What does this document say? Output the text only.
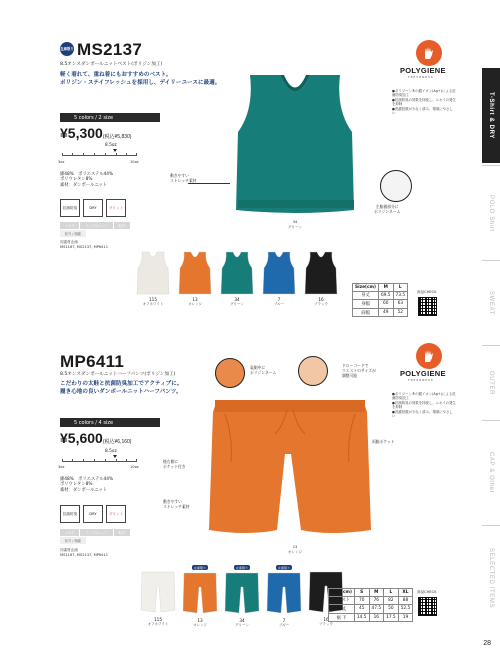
T-Shirt & DRY
POLO Shirt
SWEAT
OUTER
CAP & Other
SELECTED ITEMS
28
在庫限り MS2137
8.5オンスダンボールニットベスト(ポリジン加工)
軽く着れて、重ね着にもおすすめのベスト。
ポリジン・ステイフレッシュを採用し、デイリーユースに最適。
5 colors / 2 size
¥5,300(税込¥5,830)
8.5oz
3oz	10oz
綿48%　ポリエステル44%
ポリウレタン8%
素材：ダンボールニット
抗菌防臭	DRY	プリント
シルク	インクジェット	転写
転写 / 刺繍
同素材企画
MS1167, MS2137, MP6411
34
グリーン
動きやすい
ストレッチ素材
左脇裾部分に
ポリジンネーム
POLYGIENE
FRESHNESS
●ポリジーン®の銀イオン(Ag+)による抗菌防臭加工
●抗菌防臭の効果を持続し、ニオイの発生を抑制
●洗濯回数が少なく済み、環境にやさしい
115
オフホワイト
13
オレンジ
34
グリーン
7
ブルー
16
ブラック
Size(cm)	M	L
身丈	69.5	73.5
身幅	60	63
肩幅	49	52
商品CHECK
MP6411
8.5オンスダンボールニットハーフパンツ(ポリジン加工)
こだわりの太畦と抗菌防臭加工でアクティブに。
履き心地の良いダンボールニットハーフパンツ。
5 colors / 4 size
¥5,600(税込¥6,160)
8.5oz
3oz	10oz
綿48%　ポリエステル44%
ポリウレタン8%
素材：ダンボールニット
抗菌防臭	DRY	プリント
シルク	インクジェット	転写
転写 / 刺繍
同素材企画
MS1167, MS2137, MP6411
13
オレンジ
裏側中に
ポリジンネーム
ドローコードで
ウエストのサイズが
調整可能
両脇ポケット
後右側に
ポケット付き
動きやすい
ストレッチ素材
POLYGIENE
FRESHNESS
●ポリジーン®の銀イオン(Ag+)による抗菌防臭加工
●抗菌防臭の効果を持続し、ニオイの発生を抑制
●洗濯回数が少なく済み、環境にやさしい
115
オフホワイト
在庫限り
13
オレンジ
在庫限り
34
グリーン
在庫限り
7
ブルー
16
ブラック
Size(cm)	S	M	L	XL
ウエスト	70	76	82	88
股 丈	45	47.5	50	52.5
裾 下	14.5	16	17.5	19
商品CHECK
